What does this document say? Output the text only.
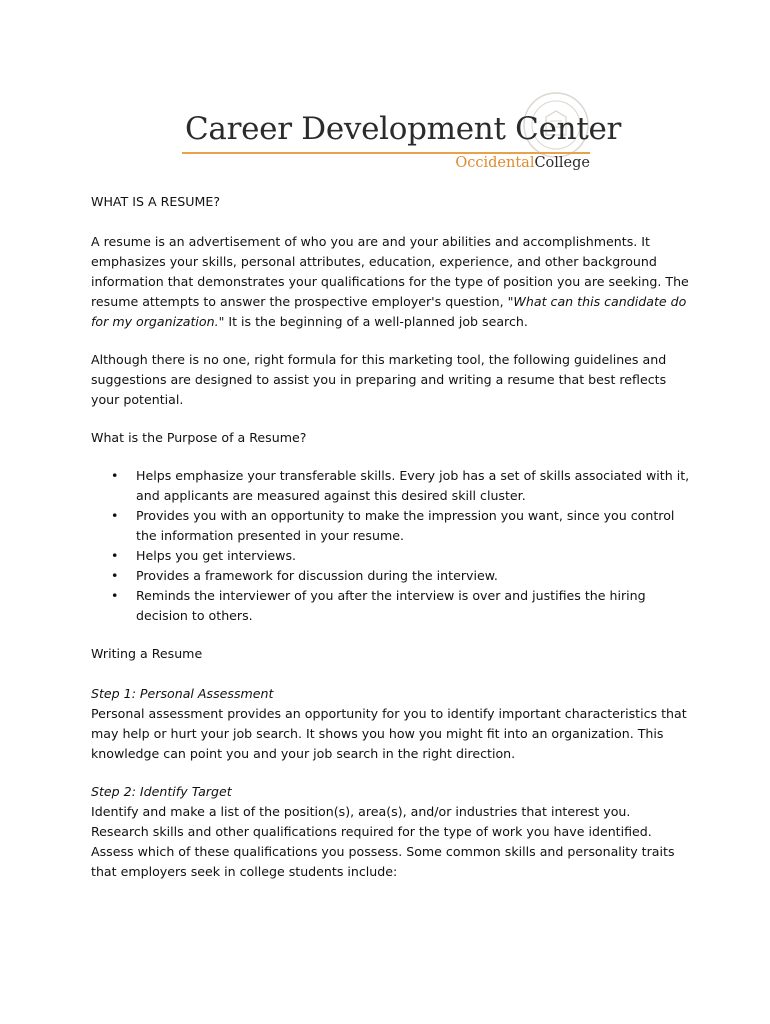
Career Development Center
OccidentalCollege

WHAT IS A RESUME?

A resume is an advertisement of who you are and your abilities and accomplishments. It emphasizes your skills, personal attributes, education, experience, and other background information that demonstrates your qualifications for the type of position you are seeking. The resume attempts to answer the prospective employer's question, "What can this candidate do for my organization." It is the beginning of a well-planned job search.

Although there is no one, right formula for this marketing tool, the following guidelines and suggestions are designed to assist you in preparing and writing a resume that best reflects your potential.

What is the Purpose of a Resume?

• Helps emphasize your transferable skills. Every job has a set of skills associated with it, and applicants are measured against this desired skill cluster.
• Provides you with an opportunity to make the impression you want, since you control the information presented in your resume.
• Helps you get interviews.
• Provides a framework for discussion during the interview.
• Reminds the interviewer of you after the interview is over and justifies the hiring decision to others.

Writing a Resume

Step 1: Personal Assessment

Personal assessment provides an opportunity for you to identify important characteristics that may help or hurt your job search. It shows you how you might fit into an organization. This knowledge can point you and your job search in the right direction.

Step 2: Identify Target

Identify and make a list of the position(s), area(s), and/or industries that interest you. Research skills and other qualifications required for the type of work you have identified. Assess which of these qualifications you possess. Some common skills and personality traits that employers seek in college students include:
